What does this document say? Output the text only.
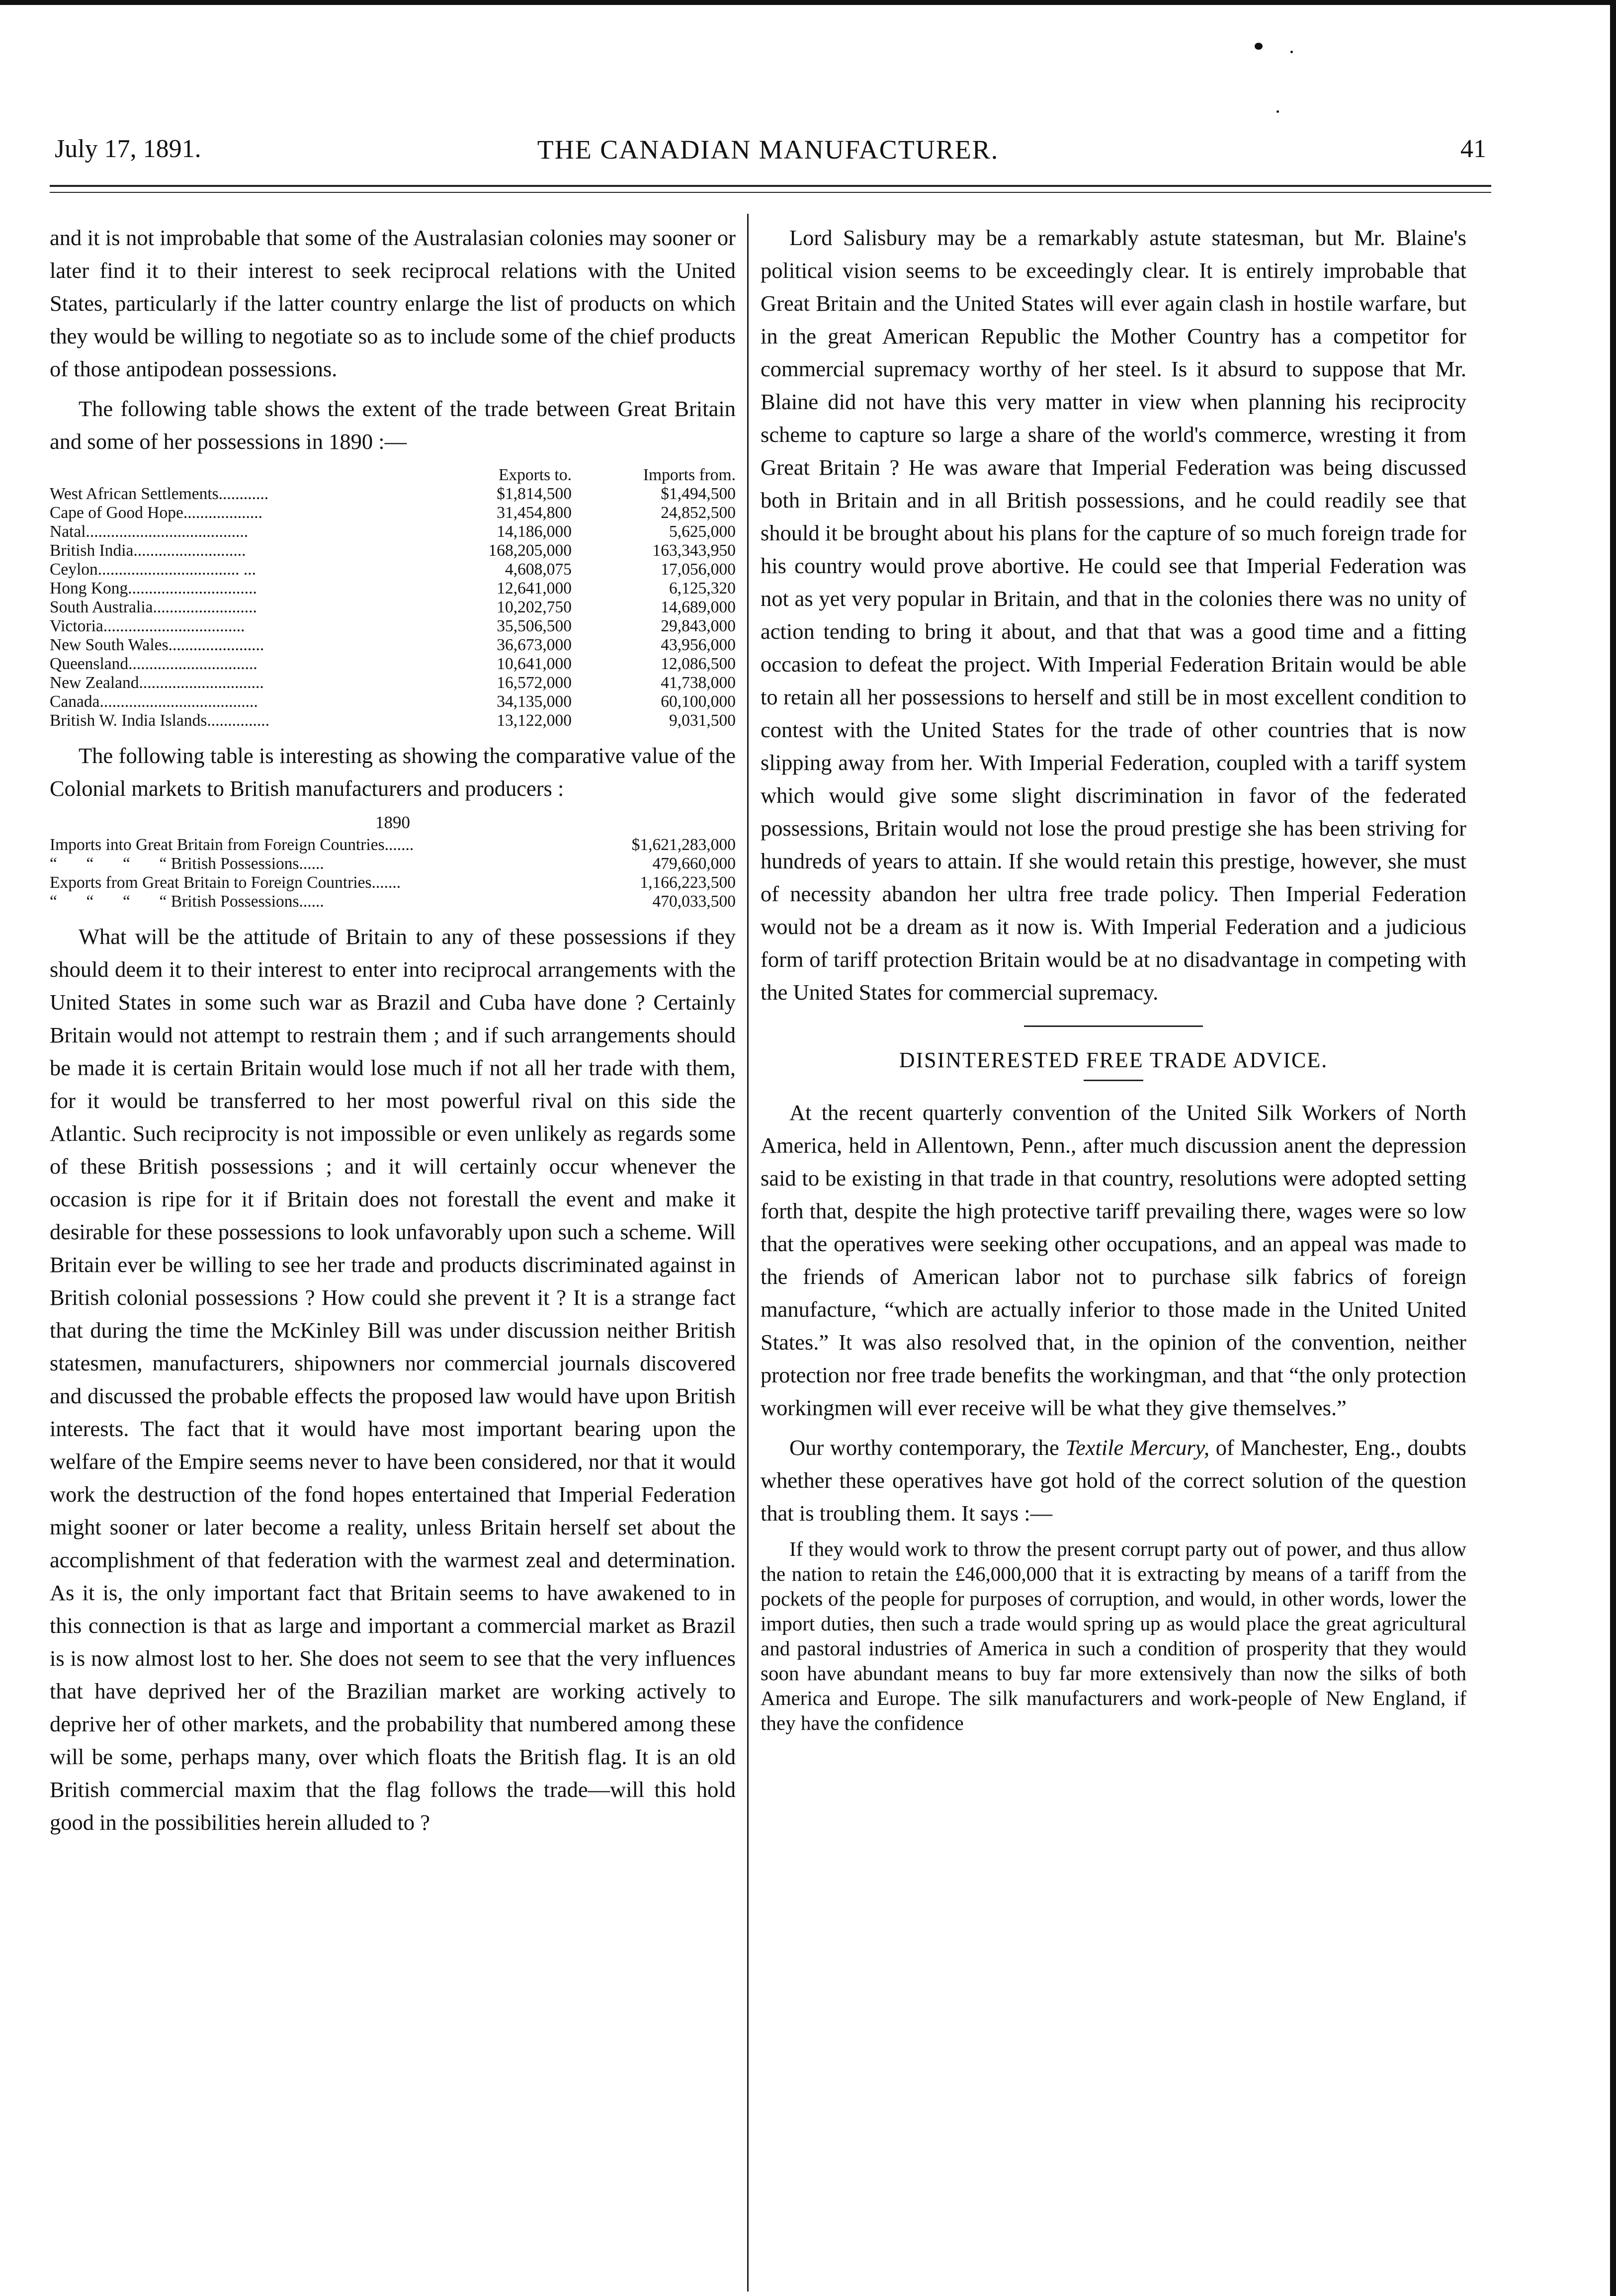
July 17, 1891.	THE CANADIAN MANUFACTURER.	41

and it is not improbable that some of the Australasian colonies may sooner or later find it to their interest to seek reciprocal relations with the United States, particularly if the latter country enlarge the list of products on which they would be willing to negotiate so as to include some of the chief products of those antipodean possessions.

The following table shows the extent of the trade between Great Britain and some of her possessions in 1890 :—

Exports to.	Imports from.
West African Settlements............	$1,814,500	$1,494,500
Cape of Good Hope...................	31,454,800	24,852,500
Natal.......................................	14,186,000	5,625,000
British India...........................	168,205,000	163,343,950
Ceylon.................................. ...	4,608,075	17,056,000
Hong Kong...............................	12,641,000	6,125,320
South Australia.........................	10,202,750	14,689,000
Victoria..................................	35,506,500	29,843,000
New South Wales.......................	36,673,000	43,956,000
Queensland...............................	10,641,000	12,086,500
New Zealand..............................	16,572,000	41,738,000
Canada......................................	34,135,000	60,100,000
British W. India Islands...............	13,122,000	9,031,500

The following table is interesting as showing the comparative value of the Colonial markets to British manufacturers and producers :

1890
Imports into Great Britain from Foreign Countries.......	$1,621,283,000
“       “       “       “ British Possessions......	479,660,000
Exports from Great Britain to Foreign Countries.......	1,166,223,500
“       “       “       “ British Possessions......	470,033,500

What will be the attitude of Britain to any of these possessions if they should deem it to their interest to enter into reciprocal arrangements with the United States in some such war as Brazil and Cuba have done ? Certainly Britain would not attempt to restrain them ; and if such arrangements should be made it is certain Britain would lose much if not all her trade with them, for it would be transferred to her most powerful rival on this side the Atlantic. Such reciprocity is not impossible or even unlikely as regards some of these British possessions ; and it will certainly occur whenever the occasion is ripe for it if Britain does not forestall the event and make it desirable for these possessions to look unfavorably upon such a scheme. Will Britain ever be willing to see her trade and products discriminated against in British colonial possessions ? How could she prevent it ? It is a strange fact that during the time the McKinley Bill was under discussion neither British statesmen, manufacturers, shipowners nor commercial journals discovered and discussed the probable effects the proposed law would have upon British interests. The fact that it would have most important bearing upon the welfare of the Empire seems never to have been considered, nor that it would work the destruction of the fond hopes entertained that Imperial Federation might sooner or later become a reality, unless Britain herself set about the accomplishment of that federation with the warmest zeal and determination. As it is, the only important fact that Britain seems to have awakened to in this connection is that as large and important a commercial market as Brazil is is now almost lost to her. She does not seem to see that the very influences that have deprived her of the Brazilian market are working actively to deprive her of other markets, and the probability that numbered among these will be some, perhaps many, over which floats the British flag. It is an old British commercial maxim that the flag follows the trade—will this hold good in the possibilities herein alluded to ?

Lord Salisbury may be a remarkably astute statesman, but Mr. Blaine's political vision seems to be exceedingly clear. It is entirely improbable that Great Britain and the United States will ever again clash in hostile warfare, but in the great American Republic the Mother Country has a competitor for commercial supremacy worthy of her steel. Is it absurd to suppose that Mr. Blaine did not have this very matter in view when planning his reciprocity scheme to capture so large a share of the world's commerce, wresting it from Great Britain ? He was aware that Imperial Federation was being discussed both in Britain and in all British possessions, and he could readily see that should it be brought about his plans for the capture of so much foreign trade for his country would prove abortive. He could see that Imperial Federation was not as yet very popular in Britain, and that in the colonies there was no unity of action tending to bring it about, and that that was a good time and a fitting occasion to defeat the project. With Imperial Federation Britain would be able to retain all her possessions to herself and still be in most excellent condition to contest with the United States for the trade of other countries that is now slipping away from her. With Imperial Federation, coupled with a tariff system which would give some slight discrimination in favor of the federated possessions, Britain would not lose the proud prestige she has been striving for hundreds of years to attain. If she would retain this prestige, however, she must of necessity abandon her ultra free trade policy. Then Imperial Federation would not be a dream as it now is. With Imperial Federation and a judicious form of tariff protection Britain would be at no disadvantage in competing with the United States for commercial supremacy.

DISINTERESTED FREE TRADE ADVICE.

At the recent quarterly convention of the United Silk Workers of North America, held in Allentown, Penn., after much discussion anent the depression said to be existing in that trade in that country, resolutions were adopted setting forth that, despite the high protective tariff prevailing there, wages were so low that the operatives were seeking other occupations, and an appeal was made to the friends of American labor not to purchase silk fabrics of foreign manufacture, “which are actually inferior to those made in the United United States.” It was also resolved that, in the opinion of the convention, neither protection nor free trade benefits the workingman, and that “the only protection workingmen will ever receive will be what they give themselves.”

Our worthy contemporary, the Textile Mercury, of Manchester, Eng., doubts whether these operatives have got hold of the correct solution of the question that is troubling them. It says :—

If they would work to throw the present corrupt party out of power, and thus allow the nation to retain the £46,000,000 that it is extracting by means of a tariff from the pockets of the people for purposes of corruption, and would, in other words, lower the import duties, then such a trade would spring up as would place the great agricultural and pastoral industries of America in such a condition of prosperity that they would soon have abundant means to buy far more extensively than now the silks of both America and Europe. The silk manufacturers and work-people of New England, if they have the confidence
